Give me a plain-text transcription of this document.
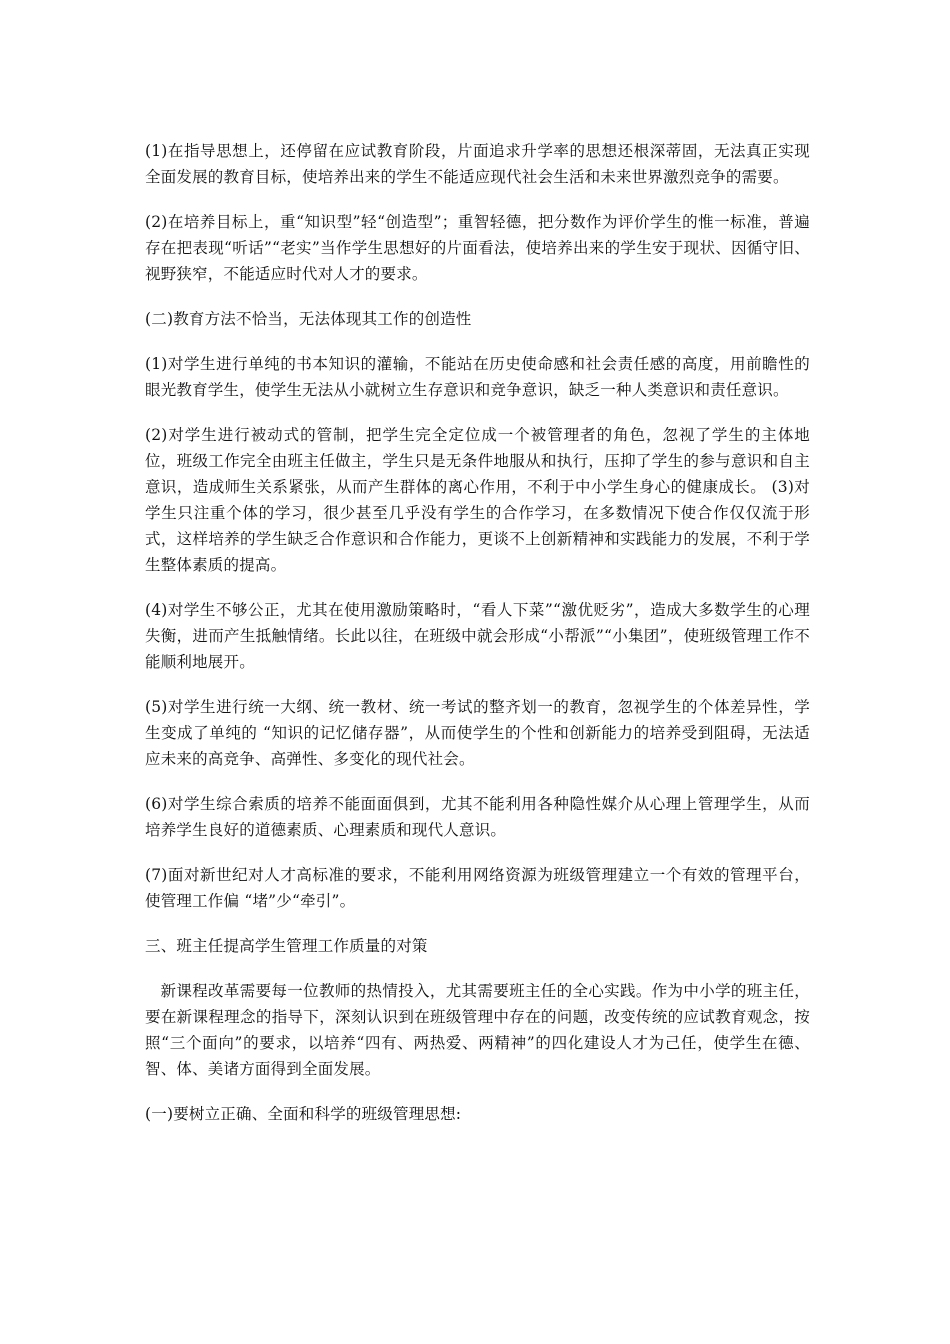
(1)在指导思想上，还停留在应试教育阶段，片面追求升学率的思想还根深蒂固，无法真正实现全面发展的教育目标，使培养出来的学生不能适应现代社会生活和未来世界激烈竞争的需要。

(2)在培养目标上，重“知识型”轻“创造型”；重智轻德，把分数作为评价学生的惟一标准，普遍存在把表现“听话”“老实”当作学生思想好的片面看法，使培养出来的学生安于现状、因循守旧、视野狭窄，不能适应时代对人才的要求。

(二)教育方法不恰当，无法体现其工作的创造性

(1)对学生进行单纯的书本知识的灌输，不能站在历史使命感和社会责任感的高度，用前瞻性的眼光教育学生，使学生无法从小就树立生存意识和竞争意识，缺乏一种人类意识和责任意识。

(2)对学生进行被动式的管制，把学生完全定位成一个被管理者的角色，忽视了学生的主体地位，班级工作完全由班主任做主，学生只是无条件地服从和执行，压抑了学生的参与意识和自主意识，造成师生关系紧张，从而产生群体的离心作用，不利于中小学生身心的健康成长。 (3)对学生只注重个体的学习，很少甚至几乎没有学生的合作学习，在多数情况下使合作仅仅流于形式，这样培养的学生缺乏合作意识和合作能力，更谈不上创新精神和实践能力的发展，不利于学生整体素质的提高。

(4)对学生不够公正，尤其在使用激励策略时，“看人下菜”“激优贬劣”，造成大多数学生的心理失衡，进而产生抵触情绪。长此以往，在班级中就会形成“小帮派”“小集团”，使班级管理工作不能顺利地展开。

(5)对学生进行统一大纲、统一教材、统一考试的整齐划一的教育，忽视学生的个体差异性，学生变成了单纯的 “知识的记忆储存器”，从而使学生的个性和创新能力的培养受到阻碍，无法适应未来的高竞争、高弹性、多变化的现代社会。

(6)对学生综合索质的培养不能面面俱到，尤其不能利用各种隐性媒介从心理上管理学生，从而培养学生良好的道德素质、心理素质和现代人意识。

(7)面对新世纪对人才高标准的要求，不能利用网络资源为班级管理建立一个有效的管理平台，使管理工作偏 “堵”少“牵引”。

三、班主任提高学生管理工作质量的对策

新课程改革需要每一位教师的热情投入，尤其需要班主任的全心实践。作为中小学的班主任，要在新课程理念的指导下，深刻认识到在班级管理中存在的问题，改变传统的应试教育观念，按照“三个面向”的要求，以培养“四有、两热爱、两精神”的四化建设人才为己任，使学生在德、智、体、美诸方面得到全面发展。

(一)要树立正确、全面和科学的班级管理思想:
